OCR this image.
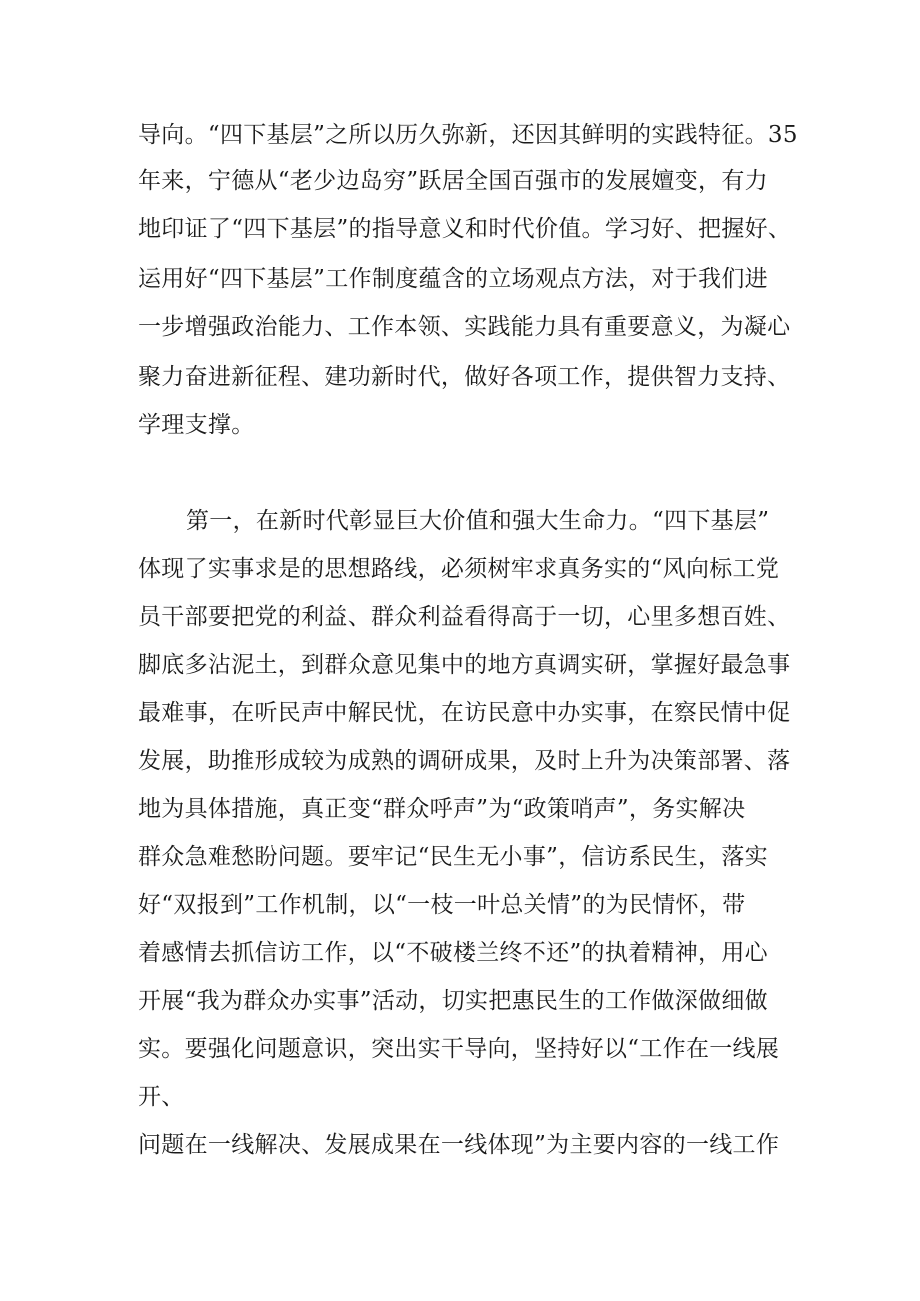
导向。“四下基层”之所以历久弥新，还因其鲜明的实践特征。35
年来，宁德从“老少边岛穷”跃居全国百强市的发展嬗变，有力
地印证了“四下基层”的指导意义和时代价值。学习好、把握好、
运用好“四下基层”工作制度蕴含的立场观点方法，对于我们进
一步增强政治能力、工作本领、实践能力具有重要意义，为凝心
聚力奋进新征程、建功新时代，做好各项工作，提供智力支持、
学理支撑。
第一，在新时代彰显巨大价值和强大生命力。“四下基层”
体现了实事求是的思想路线，必须树牢求真务实的“风向标工党
员干部要把党的利益、群众利益看得高于一切，心里多想百姓、
脚底多沾泥土，到群众意见集中的地方真调实研，掌握好最急事
最难事，在听民声中解民忧，在访民意中办实事，在察民情中促
发展，助推形成较为成熟的调研成果，及时上升为决策部署、落
地为具体措施，真正变“群众呼声”为“政策哨声”，务实解决
群众急难愁盼问题。要牢记“民生无小事”，信访系民生，落实
好“双报到”工作机制，以“一枝一叶总关情”的为民情怀，带
着感情去抓信访工作，以“不破楼兰终不还”的执着精神，用心
开展“我为群众办实事”活动，切实把惠民生的工作做深做细做
实。要强化问题意识，突出实干导向，坚持好以“工作在一线展
开、
问题在一线解决、发展成果在一线体现”为主要内容的一线工作
